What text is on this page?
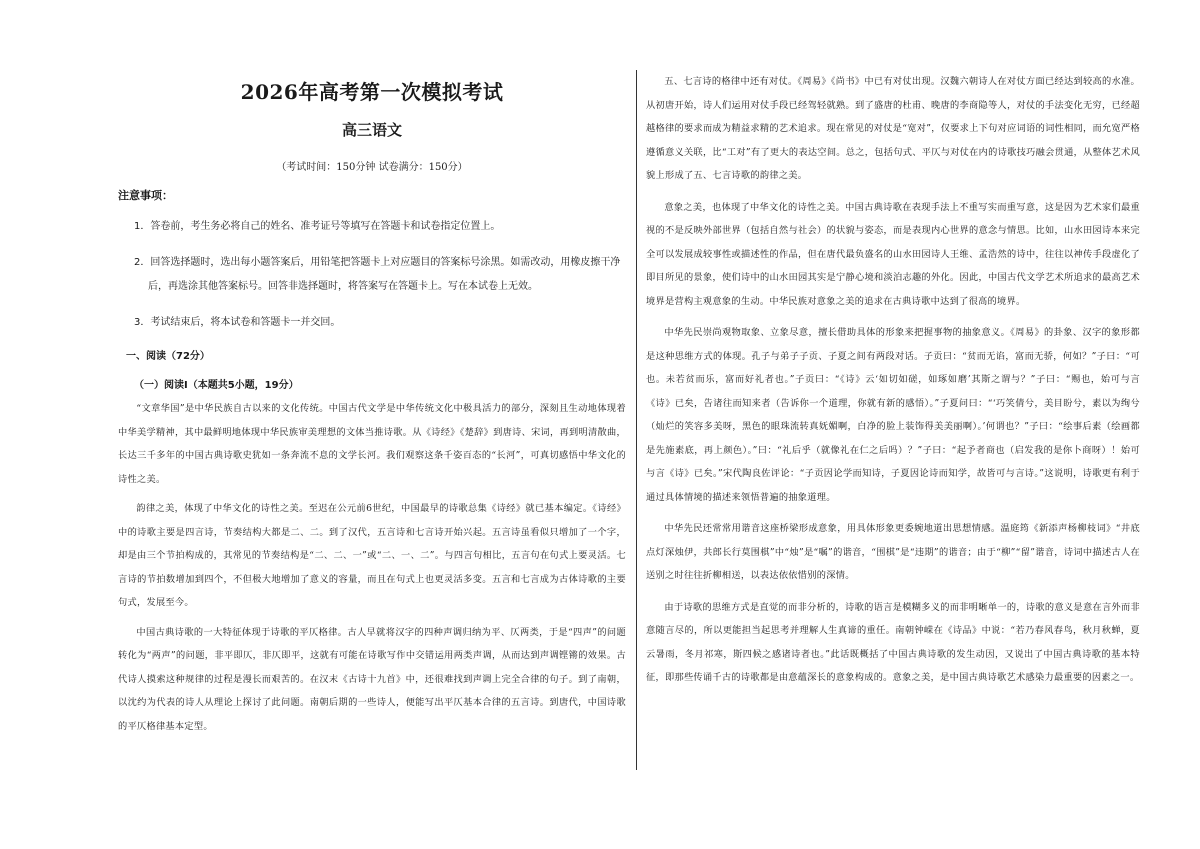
2026年高考第一次模拟考试
高三语文

（考试时间：150分钟 试卷满分：150分）

注意事项：

1．答卷前，考生务必将自己的姓名、准考证号等填写在答题卡和试卷指定位置上。

2．回答选择题时，选出每小题答案后，用铅笔把答题卡上对应题目的答案标号涂黑。如需改动，用橡皮擦干净后，再选涂其他答案标号。回答非选择题时，将答案写在答题卡上。写在本试卷上无效。

3．考试结束后，将本试卷和答题卡一并交回。

一、阅读（72分）

（一）阅读Ⅰ（本题共5小题，19分）

“文章华国”是中华民族自古以来的文化传统。中国古代文学是中华传统文化中极具活力的部分，深刻且生动地体现着中华美学精神，其中最鲜明地体现中华民族审美理想的文体当推诗歌。从《诗经》《楚辞》到唐诗、宋词，再到明清散曲，长达三千多年的中国古典诗歌史犹如一条奔流不息的文学长河。我们观察这条千姿百态的“长河”，可真切感悟中华文化的诗性之美。

韵律之美，体现了中华文化的诗性之美。至迟在公元前6世纪，中国最早的诗歌总集《诗经》就已基本编定。《诗经》中的诗歌主要是四言诗，节奏结构大都是二、二。到了汉代，五言诗和七言诗开始兴起。五言诗虽看似只增加了一个字，却是由三个节拍构成的，其常见的节奏结构是“二、二、一”或“二、一、二”。与四言句相比，五言句在句式上要灵活。七言诗的节拍数增加到四个，不但极大地增加了意义的容量，而且在句式上也更灵活多变。五言和七言成为古体诗歌的主要句式，发展至今。

中国古典诗歌的一大特征体现于诗歌的平仄格律。古人早就将汉字的四种声调归纳为平、仄两类，于是“四声”的问题转化为“两声”的问题，非平即仄，非仄即平，这就有可能在诗歌写作中交错运用两类声调，从而达到声调铿锵的效果。古代诗人摸索这种规律的过程是漫长而艰苦的。在汉末《古诗十九首》中，还很难找到声调上完全合律的句子。到了南朝，以沈约为代表的诗人从理论上探讨了此问题。南朝后期的一些诗人，便能写出平仄基本合律的五言诗。到唐代，中国诗歌的平仄格律基本定型。

五、七言诗的格律中还有对仗。《周易》《尚书》中已有对仗出现。汉魏六朝诗人在对仗方面已经达到较高的水准。从初唐开始，诗人们运用对仗手段已经驾轻就熟。到了盛唐的杜甫、晚唐的李商隐等人，对仗的手法变化无穷，已经超越格律的要求而成为精益求精的艺术追求。现在常见的对仗是“宽对”，仅要求上下句对应词语的词性相同，而允宽严格遵循意义关联，比“工对”有了更大的表达空间。总之，包括句式、平仄与对仗在内的诗歌技巧融会贯通，从整体艺术风貌上形成了五、七言诗歌的韵律之美。

意象之美，也体现了中华文化的诗性之美。中国古典诗歌在表现手法上不重写实而重写意，这是因为艺术家们最重视的不是反映外部世界（包括自然与社会）的状貌与姿态，而是表现内心世界的意念与情思。比如，山水田园诗本来完全可以发展成较事性或描述性的作品，但在唐代最负盛名的山水田园诗人王维、孟浩然的诗中，往往以神传手段虚化了即目所见的景象，使们诗中的山水田园其实是宁静心境和淡泊志趣的外化。因此，中国古代文学艺术所追求的最高艺术境界是营构主观意象的生动。中华民族对意象之美的追求在古典诗歌中达到了很高的境界。

中华先民崇尚观物取象、立象尽意，擅长借助具体的形象来把握事物的抽象意义。《周易》的卦象、汉字的象形都是这种思维方式的体现。孔子与弟子子贡、子夏之间有两段对话。子贡曰：“贫而无谄，富而无骄，何如？”子曰：“可也。未若贫而乐，富而好礼者也。”子贡曰：“《诗》云‘如切如磋，如琢如磨’其斯之谓与？”子曰：“赐也，始可与言《诗》已矣，告诸往而知来者（告诉你一个道理，你就有新的感悟）。”子夏问曰：“‘巧笑倩兮，美目盼兮，素以为绚兮（灿烂的笑容多美呀，黑色的眼珠流转真妩媚啊，白净的脸上装饰得美美丽啊）。’何谓也？”子曰：“绘事后素（绘画都是先施素底，再上颜色）。”曰：“礼后乎（就像礼在仁之后吗）？”子曰：“起予者商也（启发我的是你卜商呀）！始可与言《诗》已矣。”宋代陶良佐评论：“子贡因论学而知诗，子夏因论诗而知学，故皆可与言诗。”这说明，诗歌更有利于通过具体情境的描述来领悟普遍的抽象道理。

中华先民还常常用谐音这座桥梁形成意象，用具体形象更委婉地道出思想情感。温庭筠《新添声杨柳枝词》“井底点灯深烛伊，共郎长行莫围棋”中“烛”是“嘱”的谐音，“围棋”是“违期”的谐音；由于“柳”“留”谐音，诗词中描述古人在送别之时往往折柳相送，以表达依依惜别的深情。

由于诗歌的思维方式是直觉的而非分析的，诗歌的语言是模糊多义的而非明晰单一的，诗歌的意义是意在言外而非意随言尽的，所以更能担当起思考并理解人生真谛的重任。南朝钟嵘在《诗品》中说：“若乃春风春鸟，秋月秋蝉，夏云暑雨，冬月祁寒，斯四候之感诸诗者也。”此话既概括了中国古典诗歌的发生动因，又说出了中国古典诗歌的基本特征，即那些传诵千古的诗歌都是由意蕴深长的意象构成的。意象之美，是中国古典诗歌艺术感染力最重要的因素之一。
